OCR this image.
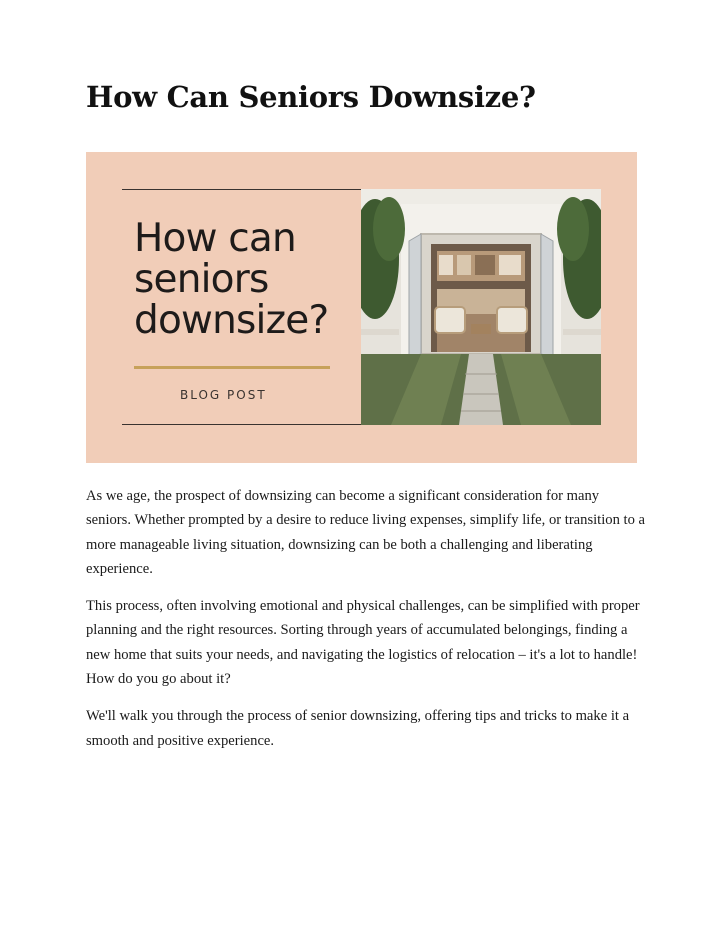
How Can Seniors Downsize?
How can
seniors
downsize?
BLOG POST

As we age, the prospect of downsizing can become a significant consideration for many seniors. Whether prompted by a desire to reduce living expenses, simplify life, or transition to a more manageable living situation, downsizing can be both a challenging and liberating experience.

This process, often involving emotional and physical challenges, can be simplified with proper planning and the right resources. Sorting through years of accumulated belongings, finding a new home that suits your needs, and navigating the logistics of relocation – it's a lot to handle! How do you go about it?

We'll walk you through the process of senior downsizing, offering tips and tricks to make it a smooth and positive experience.
